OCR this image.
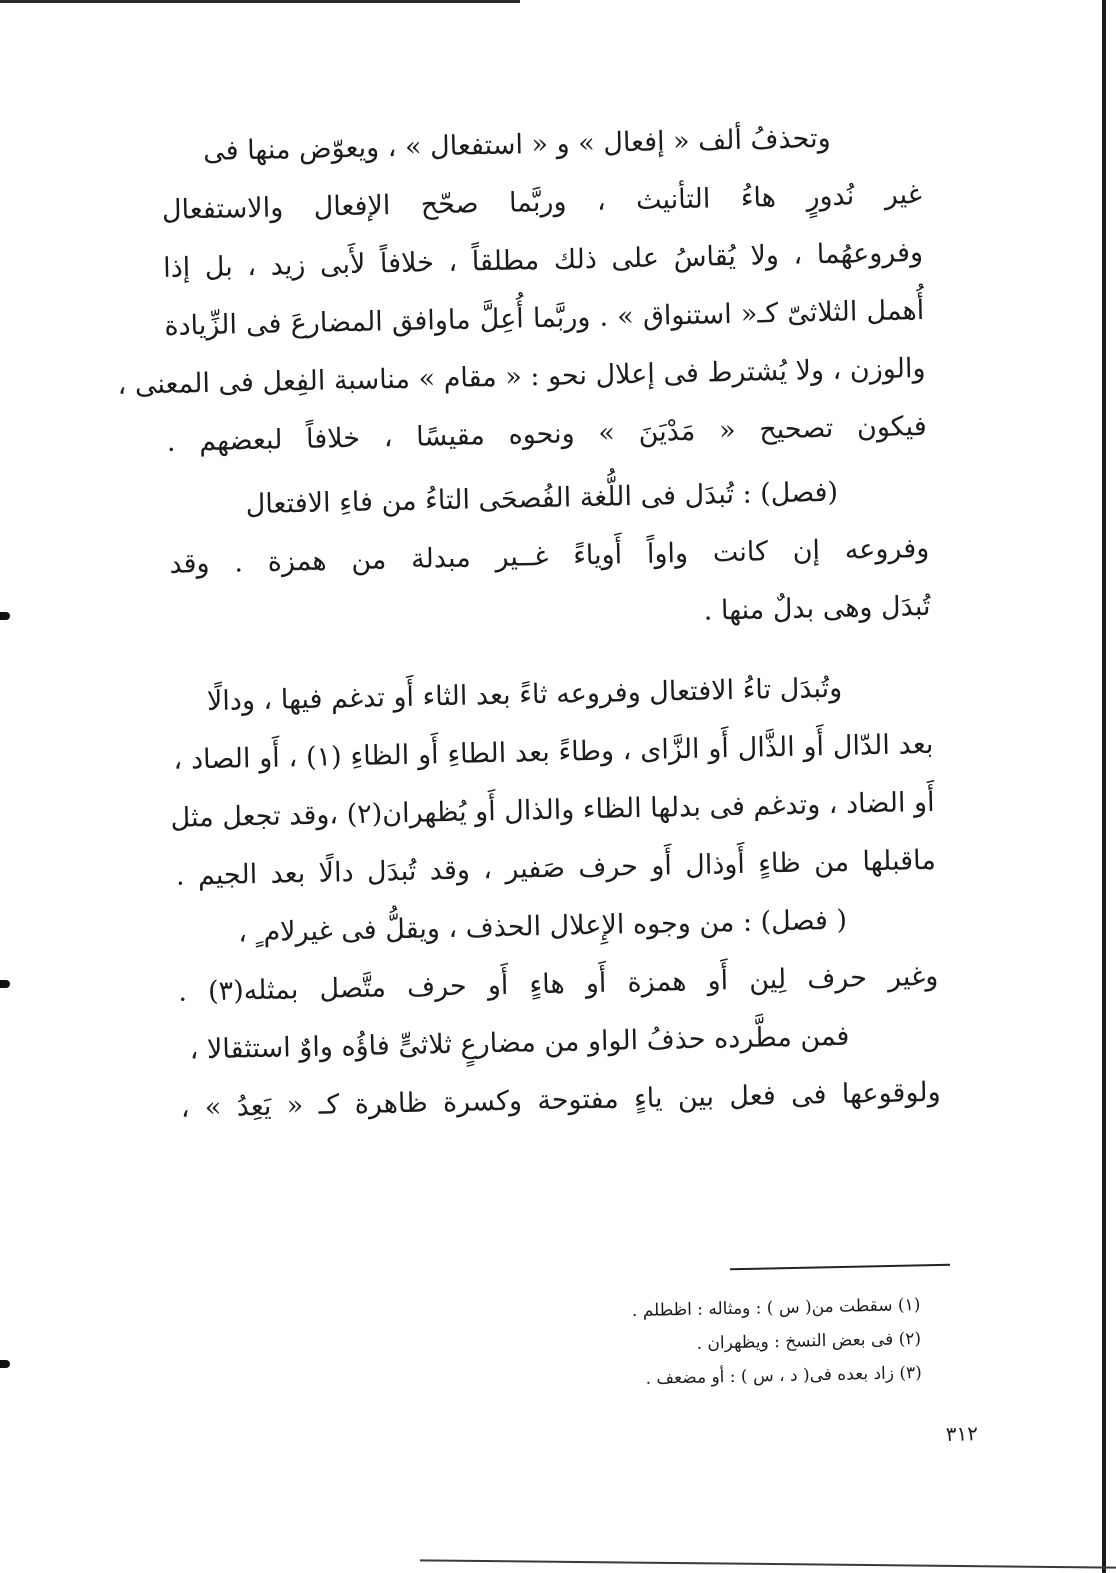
وتحذفُ ألف « إفعال » و « استفعال » ، ويعوّض منها فى
غير نُدورٍ هاءُ التأنيث ، وربَّما صحّح الإفعال والاستفعال
وفروعهُما ، ولا يُقاسُ على ذلك مطلقاً ، خلافاً لأَبى زيد ، بل إذا
أُهمل الثلاثىّ كـ« استنواق » . وربَّما أُعِلَّ ماوافق المضارعَ فى الزِّيادة
والوزن ، ولا يُشترط فى إعلال نحو : « مقام » مناسبة الفِعل فى المعنى ،
فيكون تصحيح « مَدْيَنَ » ونحوه مقيسًا ، خلافاً لبعضهم .
(فصل) : تُبدَل فى اللُّغة الفُصحَى التاءُ من فاءِ الافتعال
وفروعه إن كانت واواً أَوياءً غــير مبدلة من همزة . وقد
تُبدَل وهى بدلٌ منها .
وتُبدَل تاءُ الافتعال وفروعه ثاءً بعد الثاء أَو تدغم فيها ، ودالًا
بعد الدّال أَو الذَّال أَو الزَّاى ، وطاءً بعد الطاءِ أَو الظاءِ (١) ، أَو الصاد ،
أَو الضاد ، وتدغم فى بدلها الظاء والذال أَو يُظهران(٢) ،وقد تجعل مثل
ماقبلها من ظاءٍ أَوذال أَو حرف صَفير ، وقد تُبدَل دالًا بعد الجيم .
( فصل) : من وجوه الإِعلال الحذف ، ويقلُّ فى غيرلام ٍ ،
وغير حرف لِين أَو همزة أَو هاءٍ أَو حرف متَّصل بمثله(٣) .
فمن مطَّرده حذفُ الواو من مضارعٍ ثلاثىٍّ فاؤُه واوٌ استثقالا ،
ولوقوعها فى فعل بين ياءٍ مفتوحة وكسرة ظاهرة كـ « يَعِدُ » ،
(١) سقطت من( س ) : ومثاله : اظطلم .
(٢) فى بعض النسخ : ويظهران .
(٣) زاد بعده فى( د ، س ) : أو مضعف .
٣١٢
